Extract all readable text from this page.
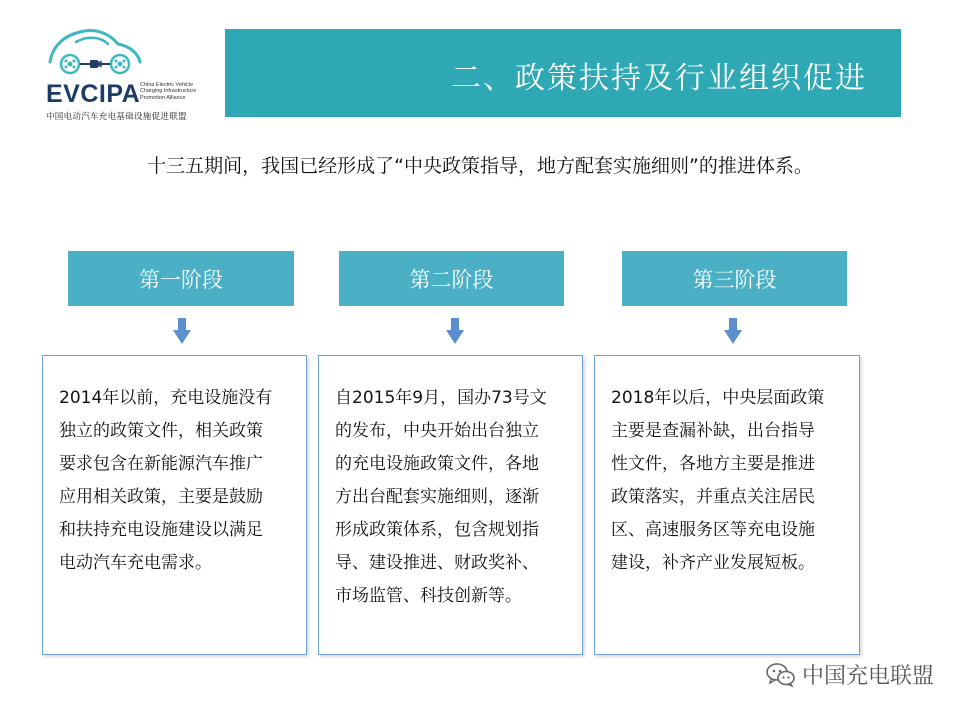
EVCIPA China Electric Vehicle
Charging Infrastructure
Promotion Alliance
中国电动汽车充电基础设施促进联盟
二、政策扶持及行业组织促进
十三五期间，我国已经形成了“中央政策指导，地方配套实施细则”的推进体系。
第一阶段
2014年以前，充电设施没有
独立的政策文件，相关政策
要求包含在新能源汽车推广
应用相关政策，主要是鼓励
和扶持充电设施建设以满足
电动汽车充电需求。
第二阶段
自2015年9月，国办73号文
的发布，中央开始出台独立
的充电设施政策文件，各地
方出台配套实施细则，逐渐
形成政策体系，包含规划指
导、建设推进、财政奖补、
市场监管、科技创新等。
第三阶段
2018年以后，中央层面政策
主要是查漏补缺，出台指导
性文件，各地方主要是推进
政策落实，并重点关注居民
区、高速服务区等充电设施
建设，补齐产业发展短板。
中国充电联盟
